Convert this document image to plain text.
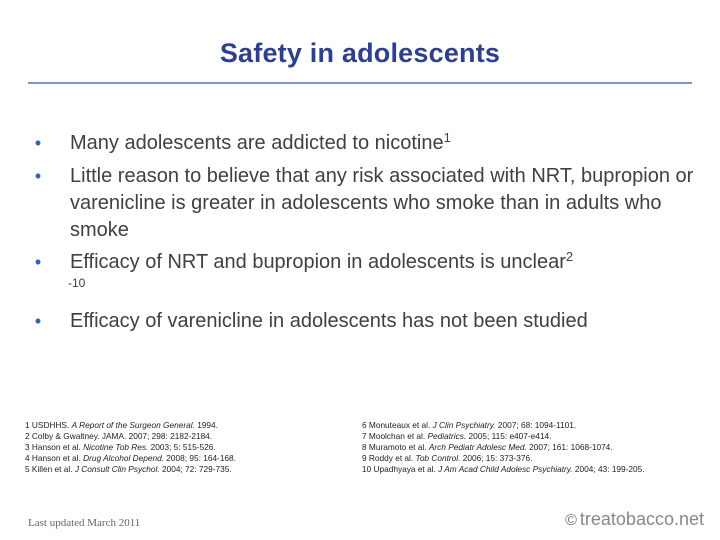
Safety in adolescents
•	Many adolescents are addicted to nicotine$^1$
•	Little reason to believe that any risk associated with NRT, bupropion or varenicline is greater in adolescents who smoke than in adults who smoke
•	Efficacy of NRT and bupropion in adolescents is unclear$^2$
-10
•	Efficacy of varenicline in adolescents has not been studied
1 USDHHS. A Report of the Surgeon General. 1994.
2 Colby & Gwaltney. JAMA. 2007; 298: 2182-2184.
3 Hanson et al. Nicotine Tob Res. 2003; 5: 515-526.
4 Hanson et al. Drug Alcohol Depend. 2008; 95: 164-168.
5 Killen et al. J Consult Clin Psychol. 2004; 72: 729-735.
6 Monuteaux et al. J Clin Psychiatry. 2007; 68: 1094-1101.
7 Moolchan et al. Pediatrics. 2005; 115: e407-e414.
8 Muramoto et al. Arch Pediatr Adolesc Med. 2007; 161: 1068-1074.
9 Roddy et al. Tob Control. 2006; 15: 373-376.
10 Upadhyaya et al. J Am Acad Child Adolesc Psychiatry. 2004; 43: 199-205.
Last updated March 2011	© treatobacco.net
